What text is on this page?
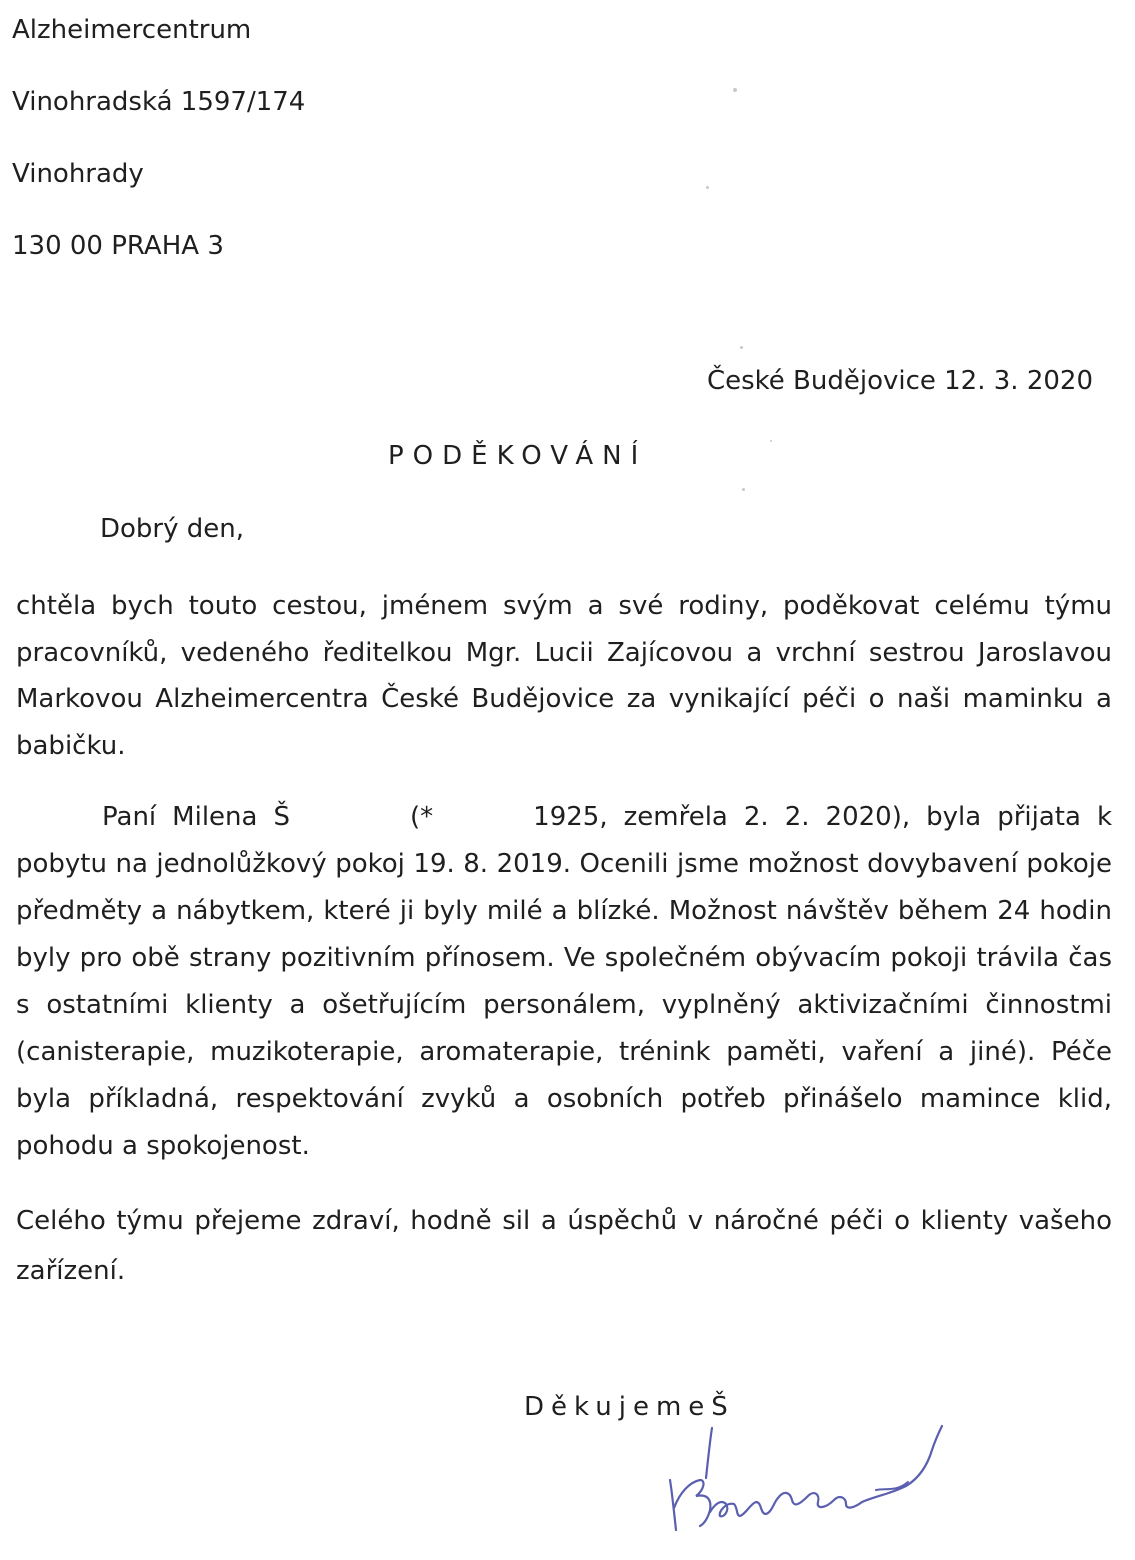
Alzheimercentrum
Vinohradská 1597/174
Vinohrady
130 00 PRAHA 3
České Budějovice 12. 3. 2020
PODĚKOVÁNÍ
Dobrý den,

chtěla bych touto cestou, jménem svým a své rodiny, poděkovat celému týmu pracovníků, vedeného ředitelkou Mgr. Lucii Zajícovou a vrchní sestrou Jaroslavou Markovou Alzheimercentra České Budějovice za vynikající péči o naši maminku a babičku.

Paní Milena Š	(*	1925, zemřela 2. 2. 2020), byla přijata k pobytu na jednolůžkový pokoj 19. 8. 2019. Ocenili jsme možnost dovybavení pokoje předměty a nábytkem, které ji byly milé a blízké. Možnost návštěv během 24 hodin byly pro obě strany pozitivním přínosem. Ve společném obývacím pokoji trávila čas s ostatními klienty a ošetřujícím personálem, vyplněný aktivizačními činnostmi (canisterapie, muzikoterapie, aromaterapie, trénink paměti, vaření a jiné). Péče byla příkladná, respektování zvyků a osobních potřeb přinášelo mamince klid, pohodu a spokojenost.

Celého týmu přejeme zdraví, hodně sil a úspěchů v náročné péči o klienty vašeho zařízení.

DěkujemeŠ
